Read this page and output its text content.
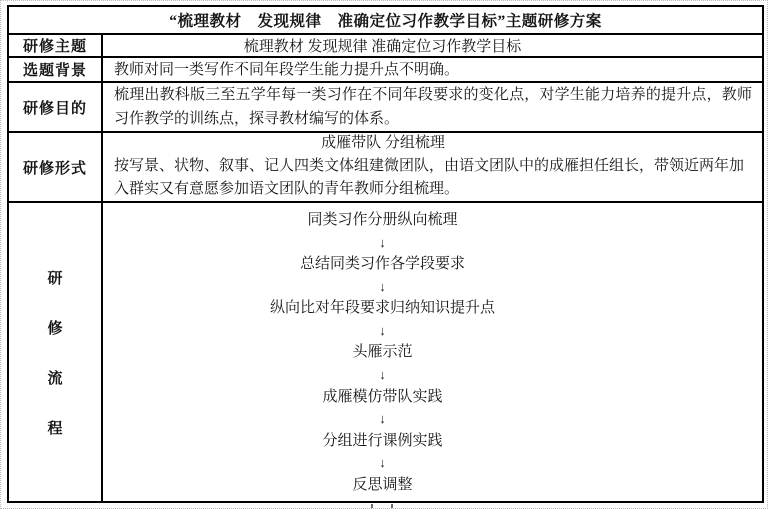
“梳理教材　发现规律　准确定位习作教学目标”主题研修方案
研修主题	梳理教材 发现规律 准确定位习作教学目标
选题背景	教师对同一类写作不同年段学生能力提升点不明确。
研修目的
梳理出教科版三至五学年每一类习作在不同年段要求的变化点，对学生能力培养的提升点，教师习作教学的训练点，探寻教材编写的体系。
研修形式
成雁带队 分组梳理
按写景、状物、叙事、记人四类文体组建微团队，由语文团队中的成雁担任组长，带领近两年加入群实又有意愿参加语文团队的青年教师分组梳理。
研
修
流
程
同类习作分册纵向梳理
↓
总结同类习作各学段要求
↓
纵向比对年段要求归纳知识提升点
↓
头雁示范
↓
成雁模仿带队实践
↓
分组进行课例实践
↓
反思调整
